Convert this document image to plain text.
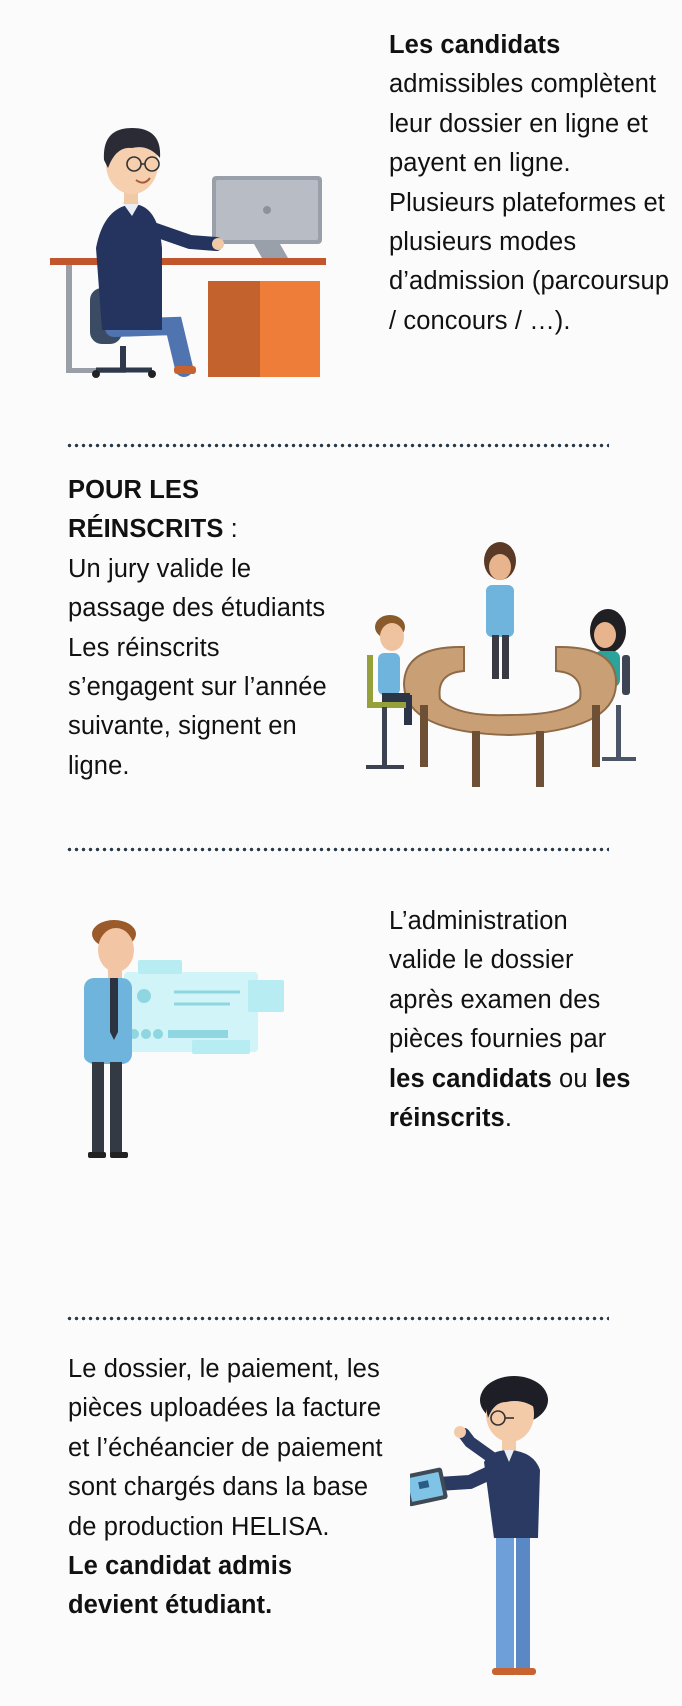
Les candidats
admissibles complètent leur dossier en ligne et payent en ligne. Plusieurs plateformes et plusieurs modes d’admission (parcoursup / concours / …).
POUR LES
RÉINSCRITS :
Un jury valide le passage des étudiants
Les réinscrits s’engagent sur l’année suivante, signent en ligne.
L’administration valide le dossier après examen des pièces fournies par les candidats ou les réinscrits.
Le dossier, le paiement, les pièces uploadées la facture et l’échéancier de paiement sont chargés dans la base de production HELISA.
Le candidat admis devient étudiant.
